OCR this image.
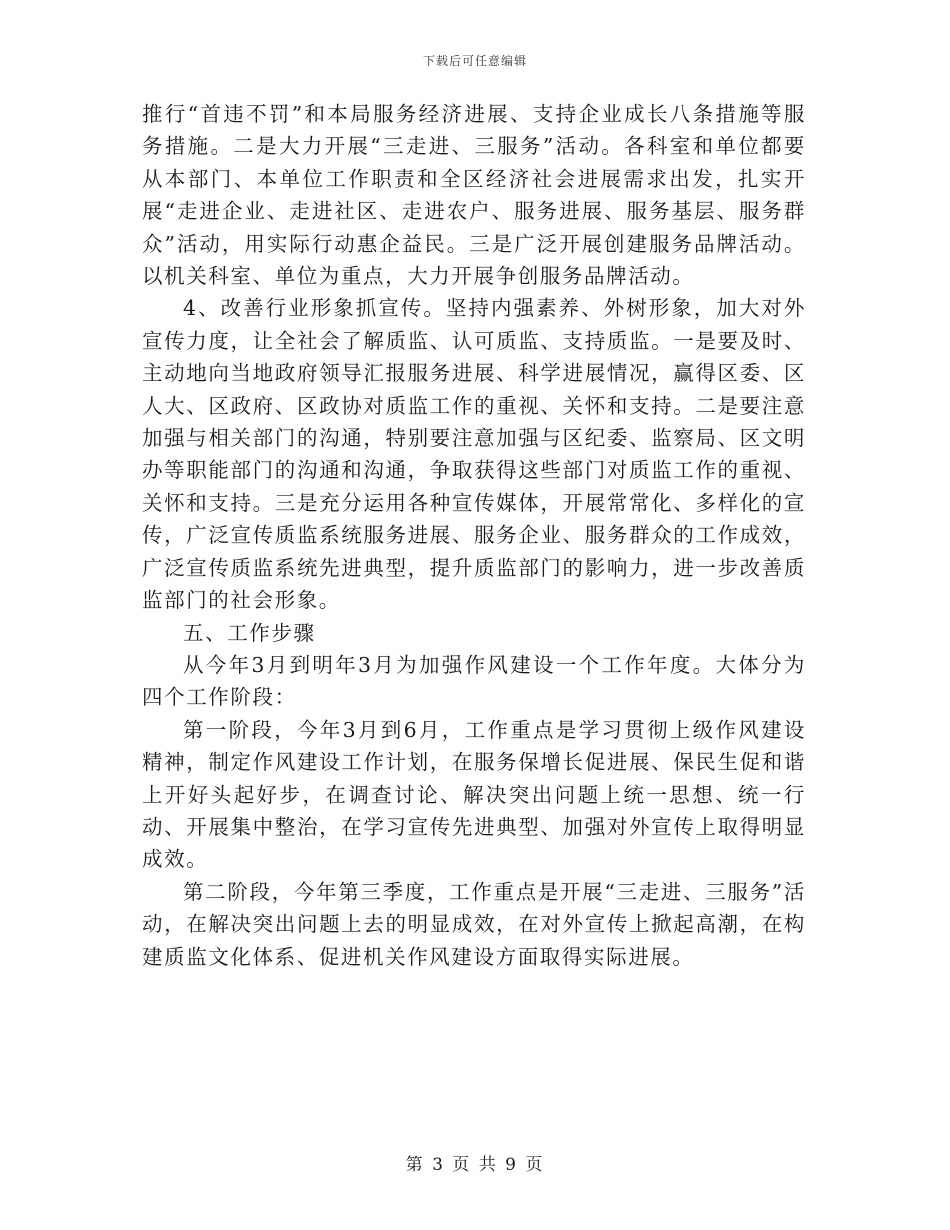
下载后可任意编辑

推行“首违不罚”和本局服务经济进展、支持企业成长八条措施等服务措施。二是大力开展“三走进、三服务”活动。各科室和单位都要从本部门、本单位工作职责和全区经济社会进展需求出发，扎实开展“走进企业、走进社区、走进农户、服务进展、服务基层、服务群众”活动，用实际行动惠企益民。三是广泛开展创建服务品牌活动。以机关科室、单位为重点，大力开展争创服务品牌活动。

4、改善行业形象抓宣传。坚持内强素养、外树形象，加大对外宣传力度，让全社会了解质监、认可质监、支持质监。一是要及时、主动地向当地政府领导汇报服务进展、科学进展情况，赢得区委、区人大、区政府、区政协对质监工作的重视、关怀和支持。二是要注意加强与相关部门的沟通，特别要注意加强与区纪委、监察局、区文明办等职能部门的沟通和沟通，争取获得这些部门对质监工作的重视、关怀和支持。三是充分运用各种宣传媒体，开展常常化、多样化的宣传，广泛宣传质监系统服务进展、服务企业、服务群众的工作成效，广泛宣传质监系统先进典型，提升质监部门的影响力，进一步改善质监部门的社会形象。

五、工作步骤

从今年3月到明年3月为加强作风建设一个工作年度。大体分为四个工作阶段：

第一阶段，今年3月到6月，工作重点是学习贯彻上级作风建设精神，制定作风建设工作计划，在服务保增长促进展、保民生促和谐上开好头起好步，在调查讨论、解决突出问题上统一思想、统一行动、开展集中整治，在学习宣传先进典型、加强对外宣传上取得明显成效。

第二阶段，今年第三季度，工作重点是开展“三走进、三服务”活动，在解决突出问题上去的明显成效，在对外宣传上掀起高潮，在构建质监文化体系、促进机关作风建设方面取得实际进展。

第 3 页 共 9 页
